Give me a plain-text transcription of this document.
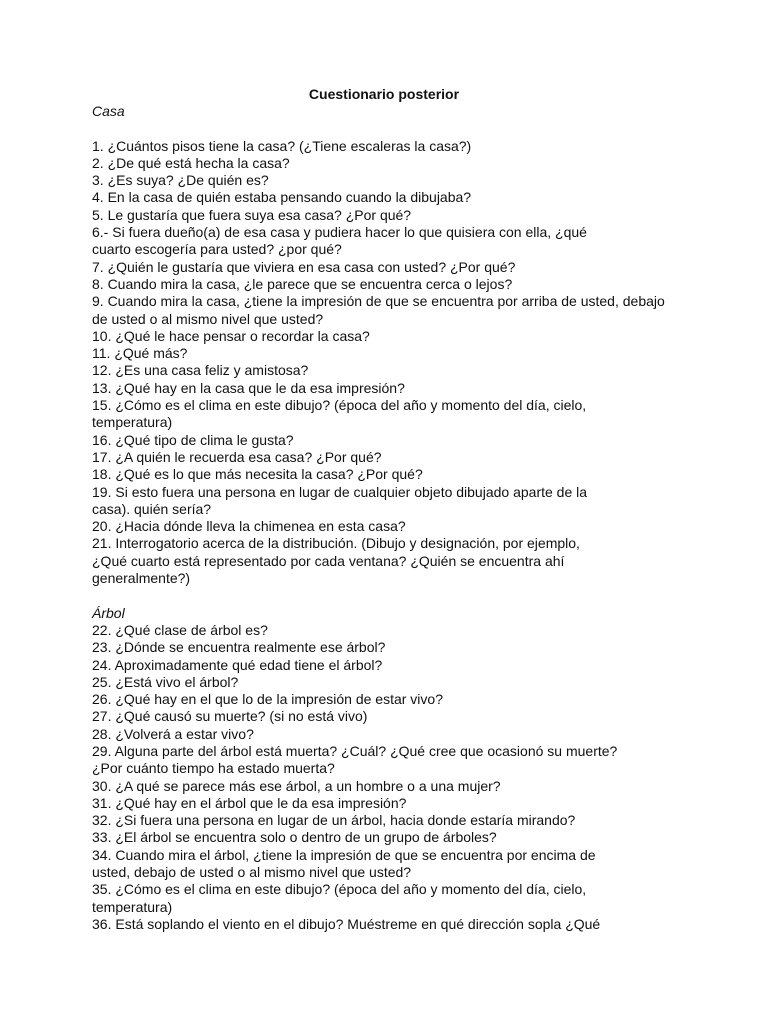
Cuestionario posterior
Casa
1. ¿Cuántos pisos tiene la casa? (¿Tiene escaleras la casa?)
2. ¿De qué está hecha la casa?
3. ¿Es suya? ¿De quién es?
4. En la casa de quién estaba pensando cuando la dibujaba?
5. Le gustaría que fuera suya esa casa? ¿Por qué?
6.- Si fuera dueño(a) de esa casa y pudiera hacer lo que quisiera con ella, ¿qué
cuarto escogería para usted? ¿por qué?
7. ¿Quién le gustaría que viviera en esa casa con usted? ¿Por qué?
8. Cuando mira la casa, ¿le parece que se encuentra cerca o lejos?
9. Cuando mira la casa, ¿tiene la impresión de que se encuentra por arriba de usted, debajo
de usted o al mismo nivel que usted?
10. ¿Qué le hace pensar o recordar la casa?
11. ¿Qué más?
12. ¿Es una casa feliz y amistosa?
13. ¿Qué hay en la casa que le da esa impresión?
15. ¿Cómo es el clima en este dibujo? (época del año y momento del día, cielo,
temperatura)
16. ¿Qué tipo de clima le gusta?
17. ¿A quién le recuerda esa casa? ¿Por qué?
18. ¿Qué es lo que más necesita la casa? ¿Por qué?
19. Si esto fuera una persona en lugar de cualquier objeto dibujado aparte de la
casa). quién sería?
20. ¿Hacia dónde lleva la chimenea en esta casa?
21. Interrogatorio acerca de la distribución. (Dibujo y designación, por ejemplo,
¿Qué cuarto está representado por cada ventana? ¿Quién se encuentra ahí
generalmente?)
Árbol
22. ¿Qué clase de árbol es?
23. ¿Dónde se encuentra realmente ese árbol?
24. Aproximadamente qué edad tiene el árbol?
25. ¿Está vivo el árbol?
26. ¿Qué hay en el que lo de la impresión de estar vivo?
27. ¿Qué causó su muerte? (si no está vivo)
28. ¿Volverá a estar vivo?
29. Alguna parte del árbol está muerta? ¿Cuál? ¿Qué cree que ocasionó su muerte?
¿Por cuánto tiempo ha estado muerta?
30. ¿A qué se parece más ese árbol, a un hombre o a una mujer?
31. ¿Qué hay en el árbol que le da esa impresión?
32. ¿Si fuera una persona en lugar de un árbol, hacia donde estaría mirando?
33. ¿El árbol se encuentra solo o dentro de un grupo de árboles?
34. Cuando mira el árbol, ¿tiene la impresión de que se encuentra por encima de
usted, debajo de usted o al mismo nivel que usted?
35. ¿Cómo es el clima en este dibujo? (época del año y momento del día, cielo,
temperatura)
36. Está soplando el viento en el dibujo? Muéstreme en qué dirección sopla ¿Qué
